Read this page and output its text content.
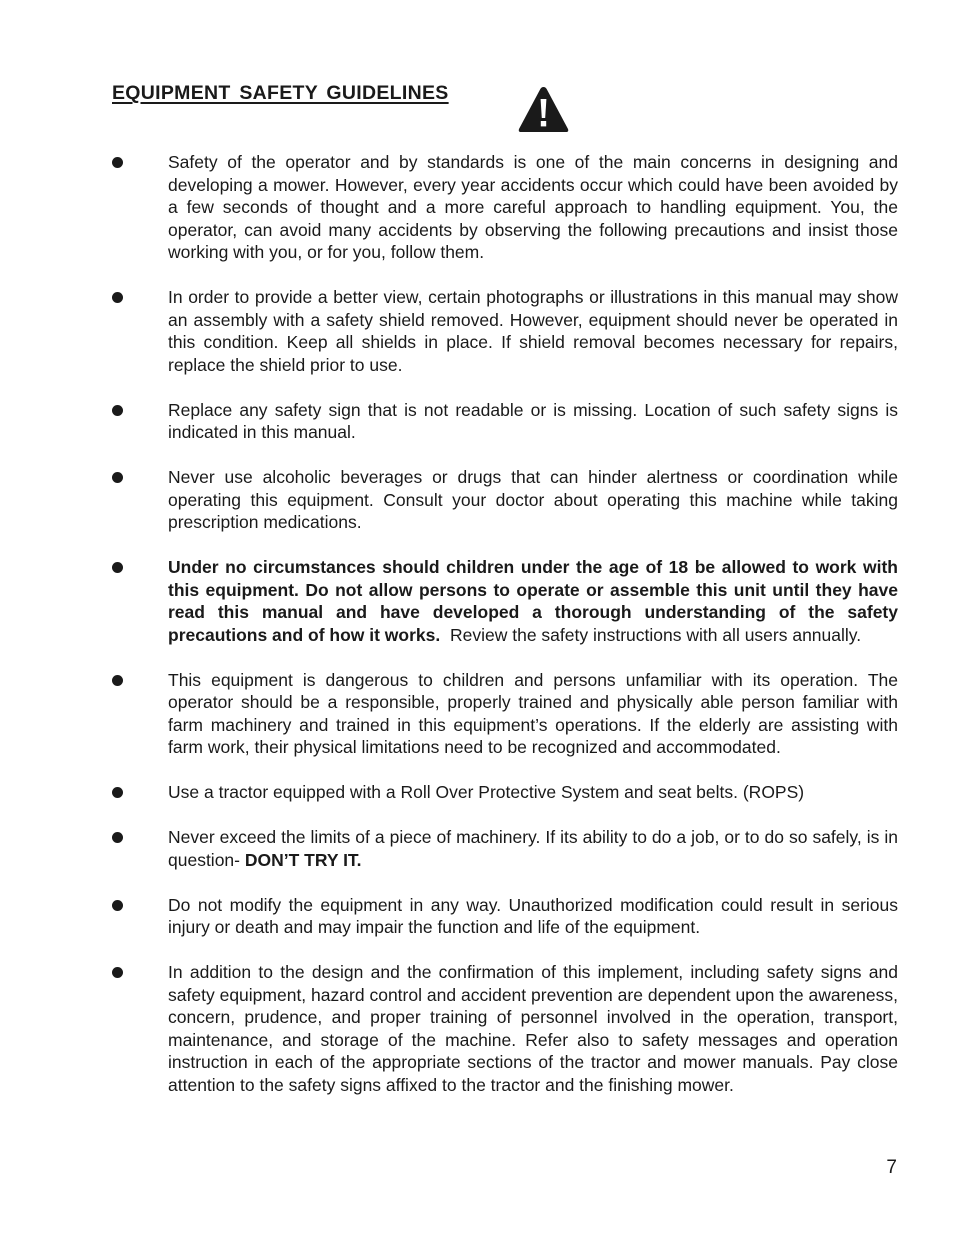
EQUIPMENT SAFETY GUIDELINES
Safety of the operator and by standards is one of the main concerns in designing and developing a mower. However, every year accidents occur which could have been avoided by a few seconds of thought and a more careful approach to handling equipment. You, the operator, can avoid many accidents by observing the following precautions and insist those working with you, or for you, follow them.
In order to provide a better view, certain photographs or illustrations in this manual may show an assembly with a safety shield removed. However, equipment should never be operated in this condition. Keep all shields in place. If shield removal becomes necessary for repairs, replace the shield prior to use.
Replace any safety sign that is not readable or is missing. Location of such safety signs is indicated in this manual.
Never use alcoholic beverages or drugs that can hinder alertness or coordination while operating this equipment. Consult your doctor about operating this machine while taking prescription medications.
Under no circumstances should children under the age of 18 be allowed to work with this equipment. Do not allow persons to operate or assemble this unit until they have read this manual and have developed a thorough understanding of the safety precautions and of how it works. Review the safety instructions with all users annually.
This equipment is dangerous to children and persons unfamiliar with its operation. The operator should be a responsible, properly trained and physically able person familiar with farm machinery and trained in this equipment’s operations. If the elderly are assisting with farm work, their physical limitations need to be recognized and accommodated.
Use a tractor equipped with a Roll Over Protective System and seat belts. (ROPS)
Never exceed the limits of a piece of machinery. If its ability to do a job, or to do so safely, is in question- DON’T TRY IT.
Do not modify the equipment in any way. Unauthorized modification could result in serious injury or death and may impair the function and life of the equipment.
In addition to the design and the confirmation of this implement, including safety signs and safety equipment, hazard control and accident prevention are dependent upon the awareness, concern, prudence, and proper training of personnel involved in the operation, transport, maintenance, and storage of the machine. Refer also to safety messages and operation instruction in each of the appropriate sections of the tractor and mower manuals. Pay close attention to the safety signs affixed to the tractor and the finishing mower.
7
